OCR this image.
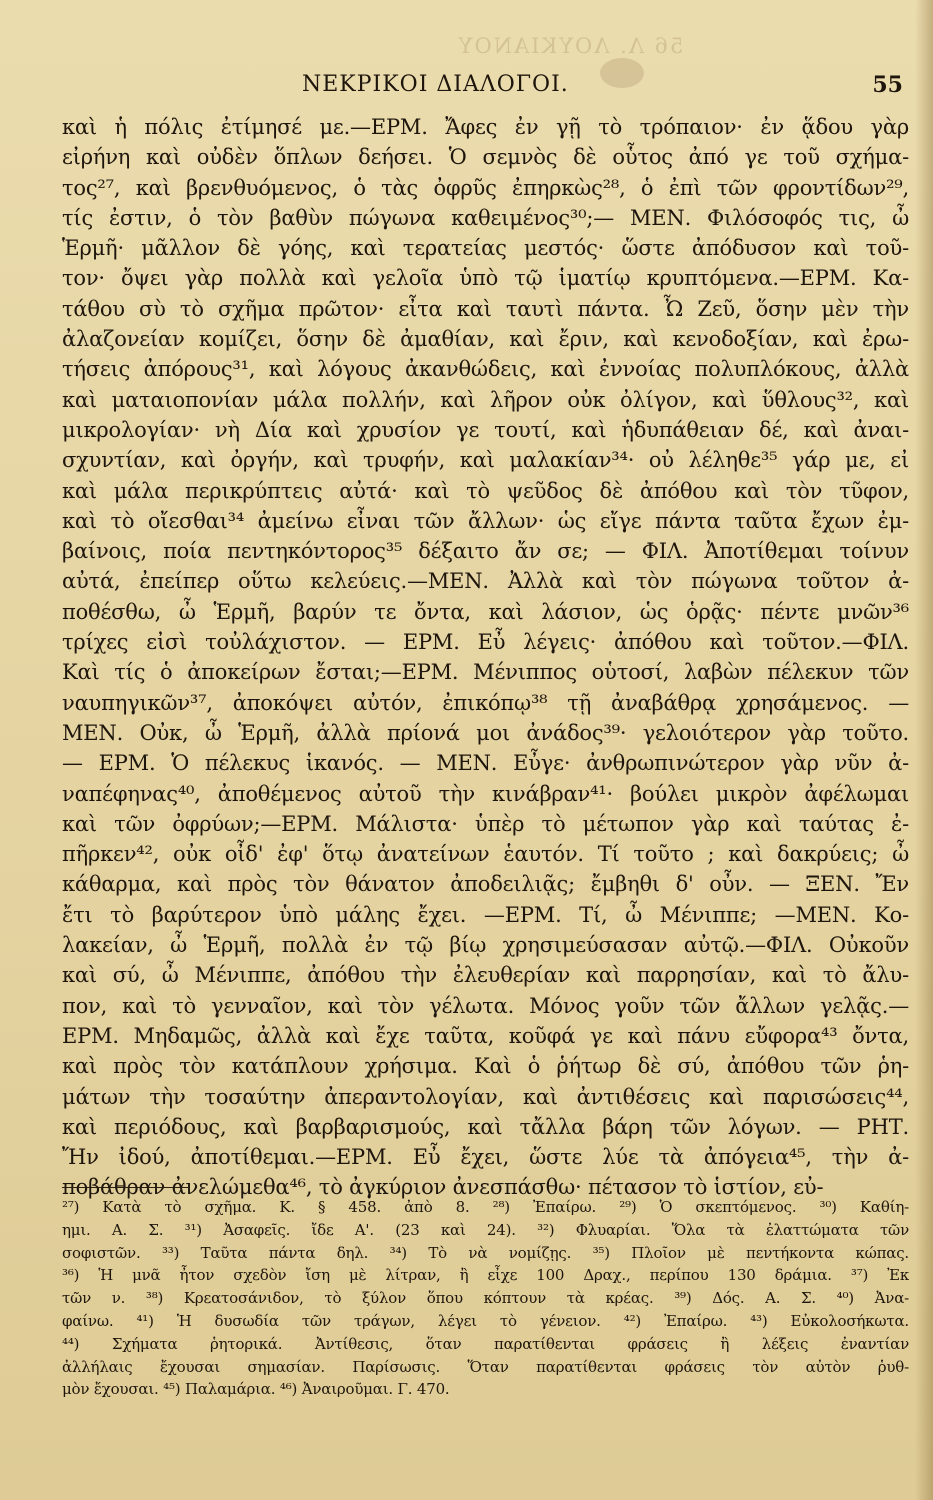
56 Λ. ΛΟΥΚΙΑΝΟΥ
ΝΕΚΡΙΚΟΙ ΔΙΑΛΟΓΟΙ.	55
καὶ ἡ πόλις ἐτίμησέ με.—ΕΡΜ. Ἄφες ἐν γῇ τὸ τρόπαιον· ἐν ᾅδου γὰρ
εἰρήνη καὶ οὐδὲν ὅπλων δεήσει. Ὁ σεμνὸς δὲ οὗτος ἀπό γε τοῦ σχήμα-
τος²⁷, καὶ βρενθυόμενος, ὁ τὰς ὀφρῦς ἐπηρκὼς²⁸, ὁ ἐπὶ τῶν φροντίδων²⁹,
τίς ἐστιν, ὁ τὸν βαθὺν πώγωνα καθειμένος³⁰;— ΜΕΝ. Φιλόσοφός τις, ὦ
Ἑρμῆ· μᾶλλον δὲ γόης, καὶ τερατείας μεστός· ὥστε ἀπόδυσον καὶ τοῦ-
τον· ὄψει γὰρ πολλὰ καὶ γελοῖα ὑπὸ τῷ ἱματίῳ κρυπτόμενα.—ΕΡΜ. Κα-
τάθου σὺ τὸ σχῆμα πρῶτον· εἶτα καὶ ταυτὶ πάντα. Ὦ Ζεῦ, ὅσην μὲν τὴν
ἀλαζονείαν κομίζει, ὅσην δὲ ἀμαθίαν, καὶ ἔριν, καὶ κενοδοξίαν, καὶ ἐρω-
τήσεις ἀπόρους³¹, καὶ λόγους ἀκανθώδεις, καὶ ἐννοίας πολυπλόκους, ἀλλὰ
καὶ ματαιοπονίαν μάλα πολλήν, καὶ λῆρον οὐκ ὀλίγον, καὶ ὕθλους³², καὶ
μικρολογίαν· νὴ Δία καὶ χρυσίον γε τουτί, καὶ ἡδυπάθειαν δέ, καὶ ἀναι-
σχυντίαν, καὶ ὀργήν, καὶ τρυφήν, καὶ μαλακίαν³⁴· οὐ λέληθε³⁵ γάρ με, εἰ
καὶ μάλα περικρύπτεις αὐτά· καὶ τὸ ψεῦδος δὲ ἀπόθου καὶ τὸν τῦφον,
καὶ τὸ οἴεσθαι³⁴ ἀμείνω εἶναι τῶν ἄλλων· ὡς εἴγε πάντα ταῦτα ἔχων ἐμ-
βαίνοις, ποία πεντηκόντορος³⁵ δέξαιτο ἄν σε; — ΦΙΛ. Ἀποτίθεμαι τοίνυν
αὐτά, ἐπείπερ οὕτω κελεύεις.—ΜΕΝ. Ἀλλὰ καὶ τὸν πώγωνα τοῦτον ἀ-
ποθέσθω, ὦ Ἑρμῆ, βαρύν τε ὄντα, καὶ λάσιον, ὡς ὁρᾷς· πέντε μνῶν³⁶
τρίχες εἰσὶ τοὐλάχιστον. — ΕΡΜ. Εὖ λέγεις· ἀπόθου καὶ τοῦτον.—ΦΙΛ.
Καὶ τίς ὁ ἀποκείρων ἔσται;—ΕΡΜ. Μένιππος οὑτοσί, λαβὼν πέλεκυν τῶν
ναυπηγικῶν³⁷, ἀποκόψει αὐτόν, ἐπικόπῳ³⁸ τῇ ἀναβάθρᾳ χρησάμενος. —
ΜΕΝ. Οὐκ, ὦ Ἑρμῆ, ἀλλὰ πρίονά μοι ἀνάδος³⁹· γελοιότερον γὰρ τοῦτο.
— ΕΡΜ. Ὁ πέλεκυς ἱκανός. — ΜΕΝ. Εὖγε· ἀνθρωπινώτερον γὰρ νῦν ἀ-
ναπέφηνας⁴⁰, ἀποθέμενος αὐτοῦ τὴν κινάβραν⁴¹· βούλει μικρὸν ἀφέλωμαι
καὶ τῶν ὀφρύων;—ΕΡΜ. Μάλιστα· ὑπὲρ τὸ μέτωπον γὰρ καὶ ταύτας ἐ-
πῆρκεν⁴², οὐκ οἶδ' ἐφ' ὅτῳ ἀνατείνων ἑαυτόν. Τί τοῦτο ; καὶ δακρύεις; ὦ
κάθαρμα, καὶ πρὸς τὸν θάνατον ἀποδειλιᾷς; ἔμβηθι δ' οὖν. — ΞΕΝ. Ἔν
ἔτι τὸ βαρύτερον ὑπὸ μάλης ἔχει. —ΕΡΜ. Τί, ὦ Μένιππε; —ΜΕΝ. Κο-
λακείαν, ὦ Ἑρμῆ, πολλὰ ἐν τῷ βίῳ χρησιμεύσασαν αὐτῷ.—ΦΙΛ. Οὐκοῦν
καὶ σύ, ὦ Μένιππε, ἀπόθου τὴν ἐλευθερίαν καὶ παρρησίαν, καὶ τὸ ἄλυ-
πον, καὶ τὸ γενναῖον, καὶ τὸν γέλωτα. Μόνος γοῦν τῶν ἄλλων γελᾷς.—
ΕΡΜ. Μηδαμῶς, ἀλλὰ καὶ ἔχε ταῦτα, κοῦφά γε καὶ πάνυ εὔφορα⁴³ ὄντα,
καὶ πρὸς τὸν κατάπλουν χρήσιμα. Καὶ ὁ ῥήτωρ δὲ σύ, ἀπόθου τῶν ῥη-
μάτων τὴν τοσαύτην ἀπεραντολογίαν, καὶ ἀντιθέσεις καὶ παρισώσεις⁴⁴,
καὶ περιόδους, καὶ βαρβαρισμούς, καὶ τἄλλα βάρη τῶν λόγων. — ΡΗΤ.
Ἤν ἰδού, ἀποτίθεμαι.—ΕΡΜ. Εὖ ἔχει, ὥστε λύε τὰ ἀπόγεια⁴⁵, τὴν ἀ-
ποβάθραν ἀνελώμεθα⁴⁶, τὸ ἀγκύριον ἀνεσπάσθω· πέτασον τὸ ἱστίον, εὐ-
²⁷) Κατὰ τὸ σχῆμα. Κ. § 458. ἀπὸ 8. ²⁸) Ἐπαίρω. ²⁹) Ὁ σκεπτόμενος. ³⁰) Καθίη-
ημι. Α. Σ. ³¹) Ἀσαφεῖς. ἴδε Α'. (23 καὶ 24). ³²) Φλυαρίαι. Ὅλα τὰ ἐλαττώματα τῶν
σοφιστῶν. ³³) Ταῦτα πάντα δηλ. ³⁴) Τὸ νὰ νομίζῃς. ³⁵) Πλοῖον μὲ πεντήκοντα κώπας.
³⁶) Ἡ μνᾶ ἦτον σχεδὸν ἴση μὲ λίτραν, ἢ εἶχε 100 Δραχ., περίπου 130 δράμια. ³⁷) Ἐκ
τῶν ν. ³⁸) Κρεατοσάνιδον, τὸ ξύλον ὅπου κόπτουν τὰ κρέας. ³⁹) Δός. Α. Σ. ⁴⁰) Ἀνα-
φαίνω. ⁴¹) Ἡ δυσωδία τῶν τράγων, λέγει τὸ γένειον. ⁴²) Ἐπαίρω. ⁴³) Εὐκολοσήκωτα.
⁴⁴) Σχήματα ῥητορικά. Ἀντίθεσις, ὅταν παρατίθενται φράσεις ἢ λέξεις ἐναντίαν
ἀλλήλαις ἔχουσαι σημασίαν. Παρίσωσις. Ὅταν παρατίθενται φράσεις τὸν αὐτὸν ῥυθ-
μὸν ἔχουσαι. ⁴⁵) Παλαμάρια. ⁴⁶) Ἀναιροῦμαι. Γ. 470.
